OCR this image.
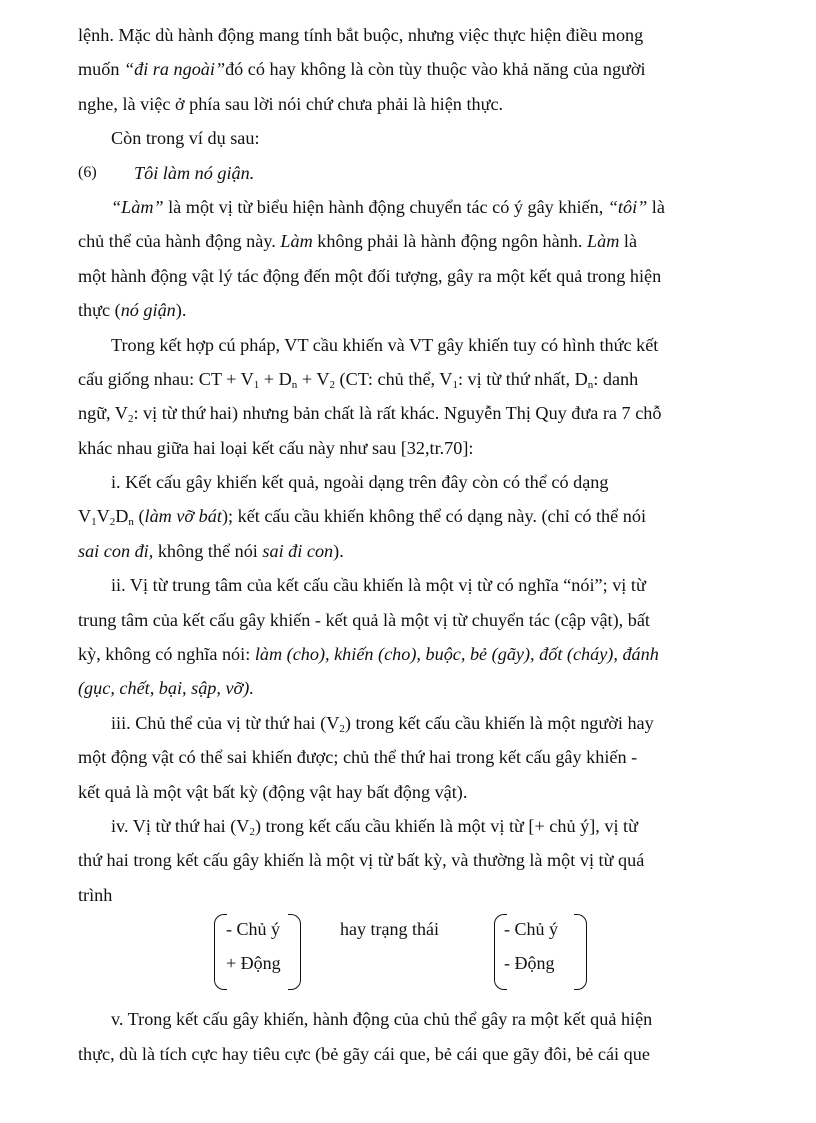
lệnh. Mặc dù hành động mang tính bắt buộc, nhưng việc thực hiện điều mong
muốn “đi ra ngoài”đó có hay không là còn tùy thuộc vào khả năng của người
nghe, là việc ở phía sau lời nói chứ chưa phải là hiện thực.
Còn trong ví dụ sau:
(6)	Tôi làm nó giận.
“Làm” là một vị từ biểu hiện hành động chuyển tác có ý gây khiến, “tôi” là
chủ thể của hành động này. Làm không phải là hành động ngôn hành. Làm là
một hành động vật lý tác động đến một đối tượng, gây ra một kết quả trong hiện
thực (nó giận).
Trong kết hợp cú pháp, VT cầu khiến và VT gây khiến tuy có hình thức kết
cấu giống nhau: CT + $V_1 + D_n + V_2$ (CT: chủ thể, $V_1$: vị từ thứ nhất, $D_n$: danh
ngữ, $V_2$: vị từ thứ hai) nhưng bản chất là rất khác. Nguyễn Thị Quy đưa ra 7 chỗ
khác nhau giữa hai loại kết cấu này như sau [32,tr.70]:
i. Kết cấu gây khiến kết quả, ngoài dạng trên đây còn có thể có dạng
$V_1V_2D_n$ (làm vỡ bát); kết cấu cầu khiến không thể có dạng này. (chỉ có thể nói
sai con đi, không thể nói sai đi con).
ii. Vị từ trung tâm của kết cấu cầu khiến là một vị từ có nghĩa “nói”; vị từ
trung tâm của kết cấu gây khiến - kết quả là một vị từ chuyển tác (cập vật), bất
kỳ, không có nghĩa nói: làm (cho), khiến (cho), buộc, bẻ (gãy), đốt (cháy), đánh
(gục, chết, bại, sập, vỡ).
iii. Chủ thể của vị từ thứ hai $(V_2)$ trong kết cấu cầu khiến là một người hay
một động vật có thể sai khiến được; chủ thể thứ hai trong kết cấu gây khiến -
kết quả là một vật bất kỳ (động vật hay bất động vật).
iv. Vị từ thứ hai $(V_2)$ trong kết cấu cầu khiến là một vị từ [+ chủ ý], vị từ
thứ hai trong kết cấu gây khiến là một vị từ bất kỳ, và thường là một vị từ quá
trình
- Chủ ý
+ Động
hay trạng thái	- Chủ ý
- Động
v. Trong kết cấu gây khiến, hành động của chủ thể gây ra một kết quả hiện
thực, dù là tích cực hay tiêu cực (bẻ gãy cái que, bẻ cái que gãy đôi, bẻ cái que
